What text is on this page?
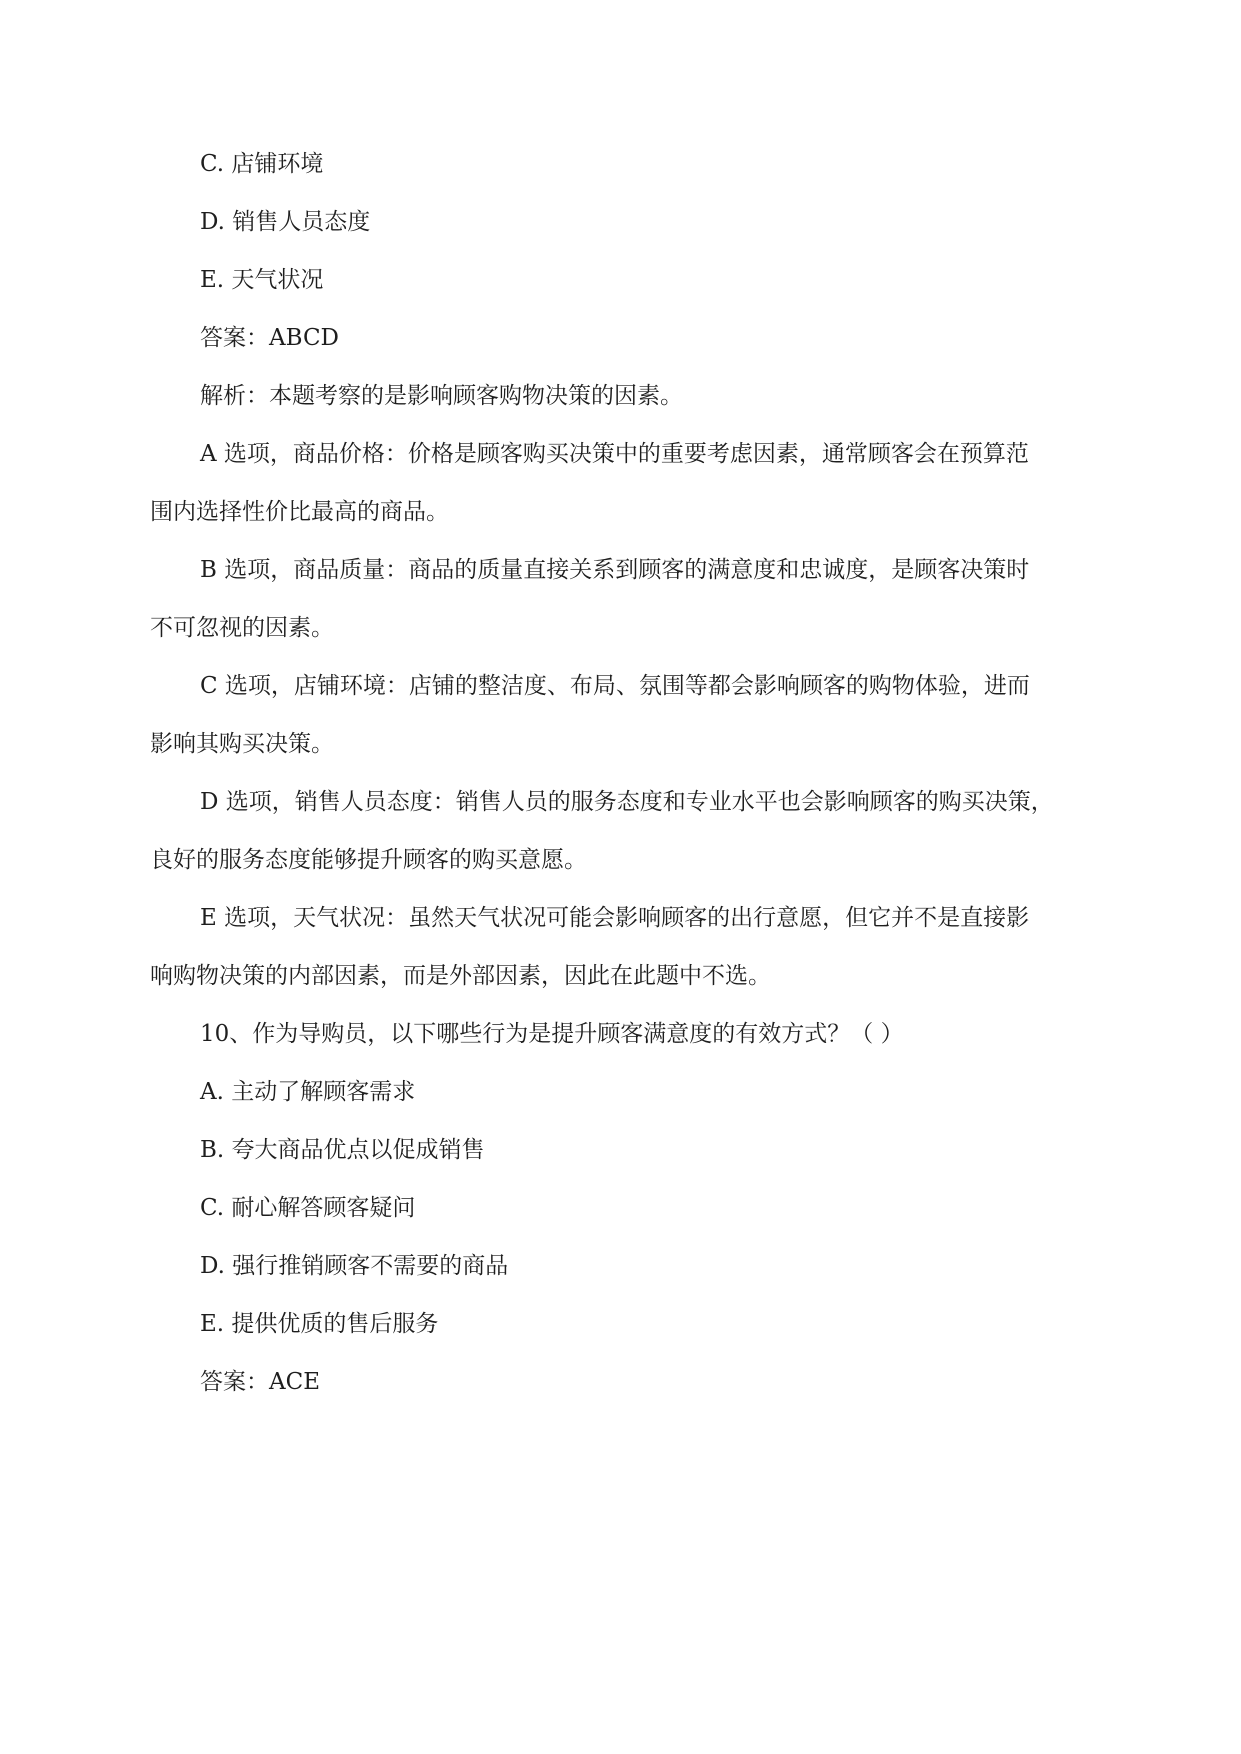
C. 店铺环境
D. 销售人员态度
E. 天气状况
答案：ABCD
解析：本题考察的是影响顾客购物决策的因素。
A 选项，商品价格：价格是顾客购买决策中的重要考虑因素，通常顾客会在预算范
围内选择性价比最高的商品。
B 选项，商品质量：商品的质量直接关系到顾客的满意度和忠诚度，是顾客决策时
不可忽视的因素。
C 选项，店铺环境：店铺的整洁度、布局、氛围等都会影响顾客的购物体验，进而
影响其购买决策。
D 选项，销售人员态度：销售人员的服务态度和专业水平也会影响顾客的购买决策，
良好的服务态度能够提升顾客的购买意愿。
E 选项，天气状况：虽然天气状况可能会影响顾客的出行意愿，但它并不是直接影
响购物决策的内部因素，而是外部因素，因此在此题中不选。
10、作为导购员，以下哪些行为是提升顾客满意度的有效方式？（ ）
A. 主动了解顾客需求
B. 夸大商品优点以促成销售
C. 耐心解答顾客疑问
D. 强行推销顾客不需要的商品
E. 提供优质的售后服务
答案：ACE
